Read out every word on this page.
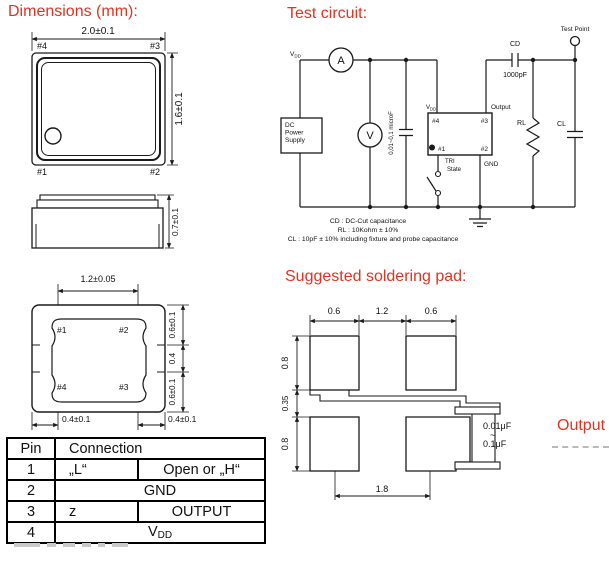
Dimensions (mm):
2.0±0.1
#4	#3
#1	#2
1.6±0.1
0.7±0.1
1.2±0.05
#1	#2
#4	#3
0.6±0.1
0.4
0.6±0.1
0.4±0.1	0.4±0.1
Pin	Connection	
1	„L“	Open or „H“
2	GND	
3	z	OUTPUT
4	$V_{DD}$
Test circuit:
$V_{DD}$	A
V
DC
Power
Supply	0,01~0,1 microF	#4	#3
#1	#2
$V_{DD}$	Output
CD
1000pF
Test Point
RL	CL
GND
TRI
State
CD : DC-Cut capacitance
RL : 10Kohm ± 10%
CL : 10pF ± 10% including fixture and probe capacitance
Suggested soldering pad:
0.6	1.2	0.6
0.8
0.35
0.8
1.8
0.01μF
~
0.1μF
Output
